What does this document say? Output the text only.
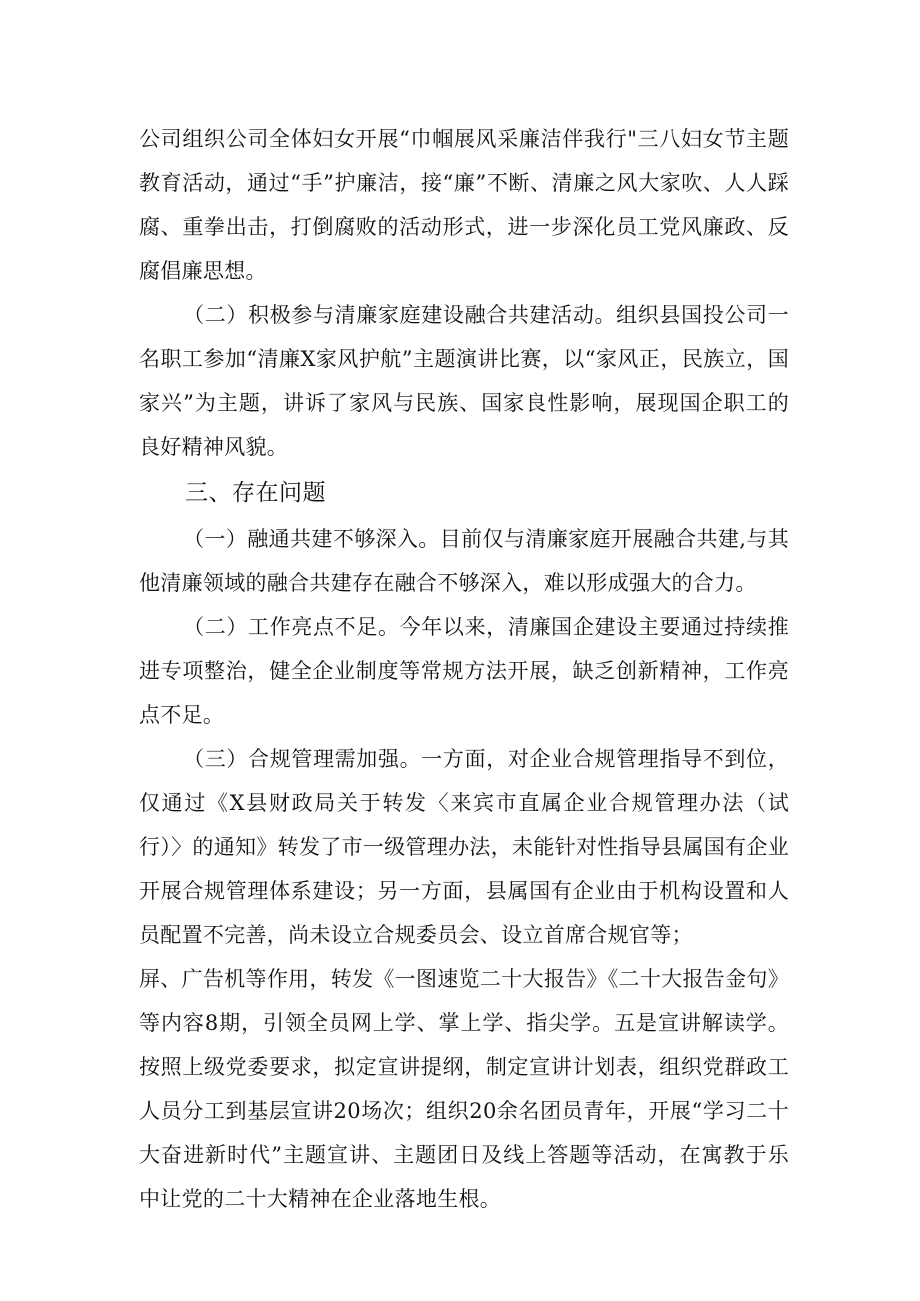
公司组织公司全体妇女开展“巾帼展风采廉洁伴我行"三八妇女节主题教育活动，通过“手”护廉洁，接“廉”不断、清廉之风大家吹、人人踩腐、重拳出击，打倒腐败的活动形式，进一步深化员工党风廉政、反腐倡廉思想。

（二）积极参与清廉家庭建设融合共建活动。组织县国投公司一名职工参加“清廉X家风护航”主题演讲比赛，以“家风正，民族立，国家兴”为主题，讲诉了家风与民族、国家良性影响，展现国企职工的良好精神风貌。

三、存在问题

（一）融通共建不够深入。目前仅与清廉家庭开展融合共建,与其他清廉领域的融合共建存在融合不够深入，难以形成强大的合力。

（二）工作亮点不足。今年以来，清廉国企建设主要通过持续推进专项整治，健全企业制度等常规方法开展，缺乏创新精神，工作亮点不足。

（三）合规管理需加强。一方面，对企业合规管理指导不到位，仅通过《X县财政局关于转发〈来宾市直属企业合规管理办法（试行）〉的通知》转发了市一级管理办法，未能针对性指导县属国有企业开展合规管理体系建设；另一方面，县属国有企业由于机构设置和人员配置不完善，尚未设立合规委员会、设立首席合规官等；

屏、广告机等作用，转发《一图速览二十大报告》《二十大报告金句》等内容8期，引领全员网上学、掌上学、指尖学。五是宣讲解读学。按照上级党委要求，拟定宣讲提纲，制定宣讲计划表，组织党群政工人员分工到基层宣讲20场次；组织20余名团员青年，开展“学习二十大奋进新时代”主题宣讲、主题团日及线上答题等活动，在寓教于乐中让党的二十大精神在企业落地生根。
